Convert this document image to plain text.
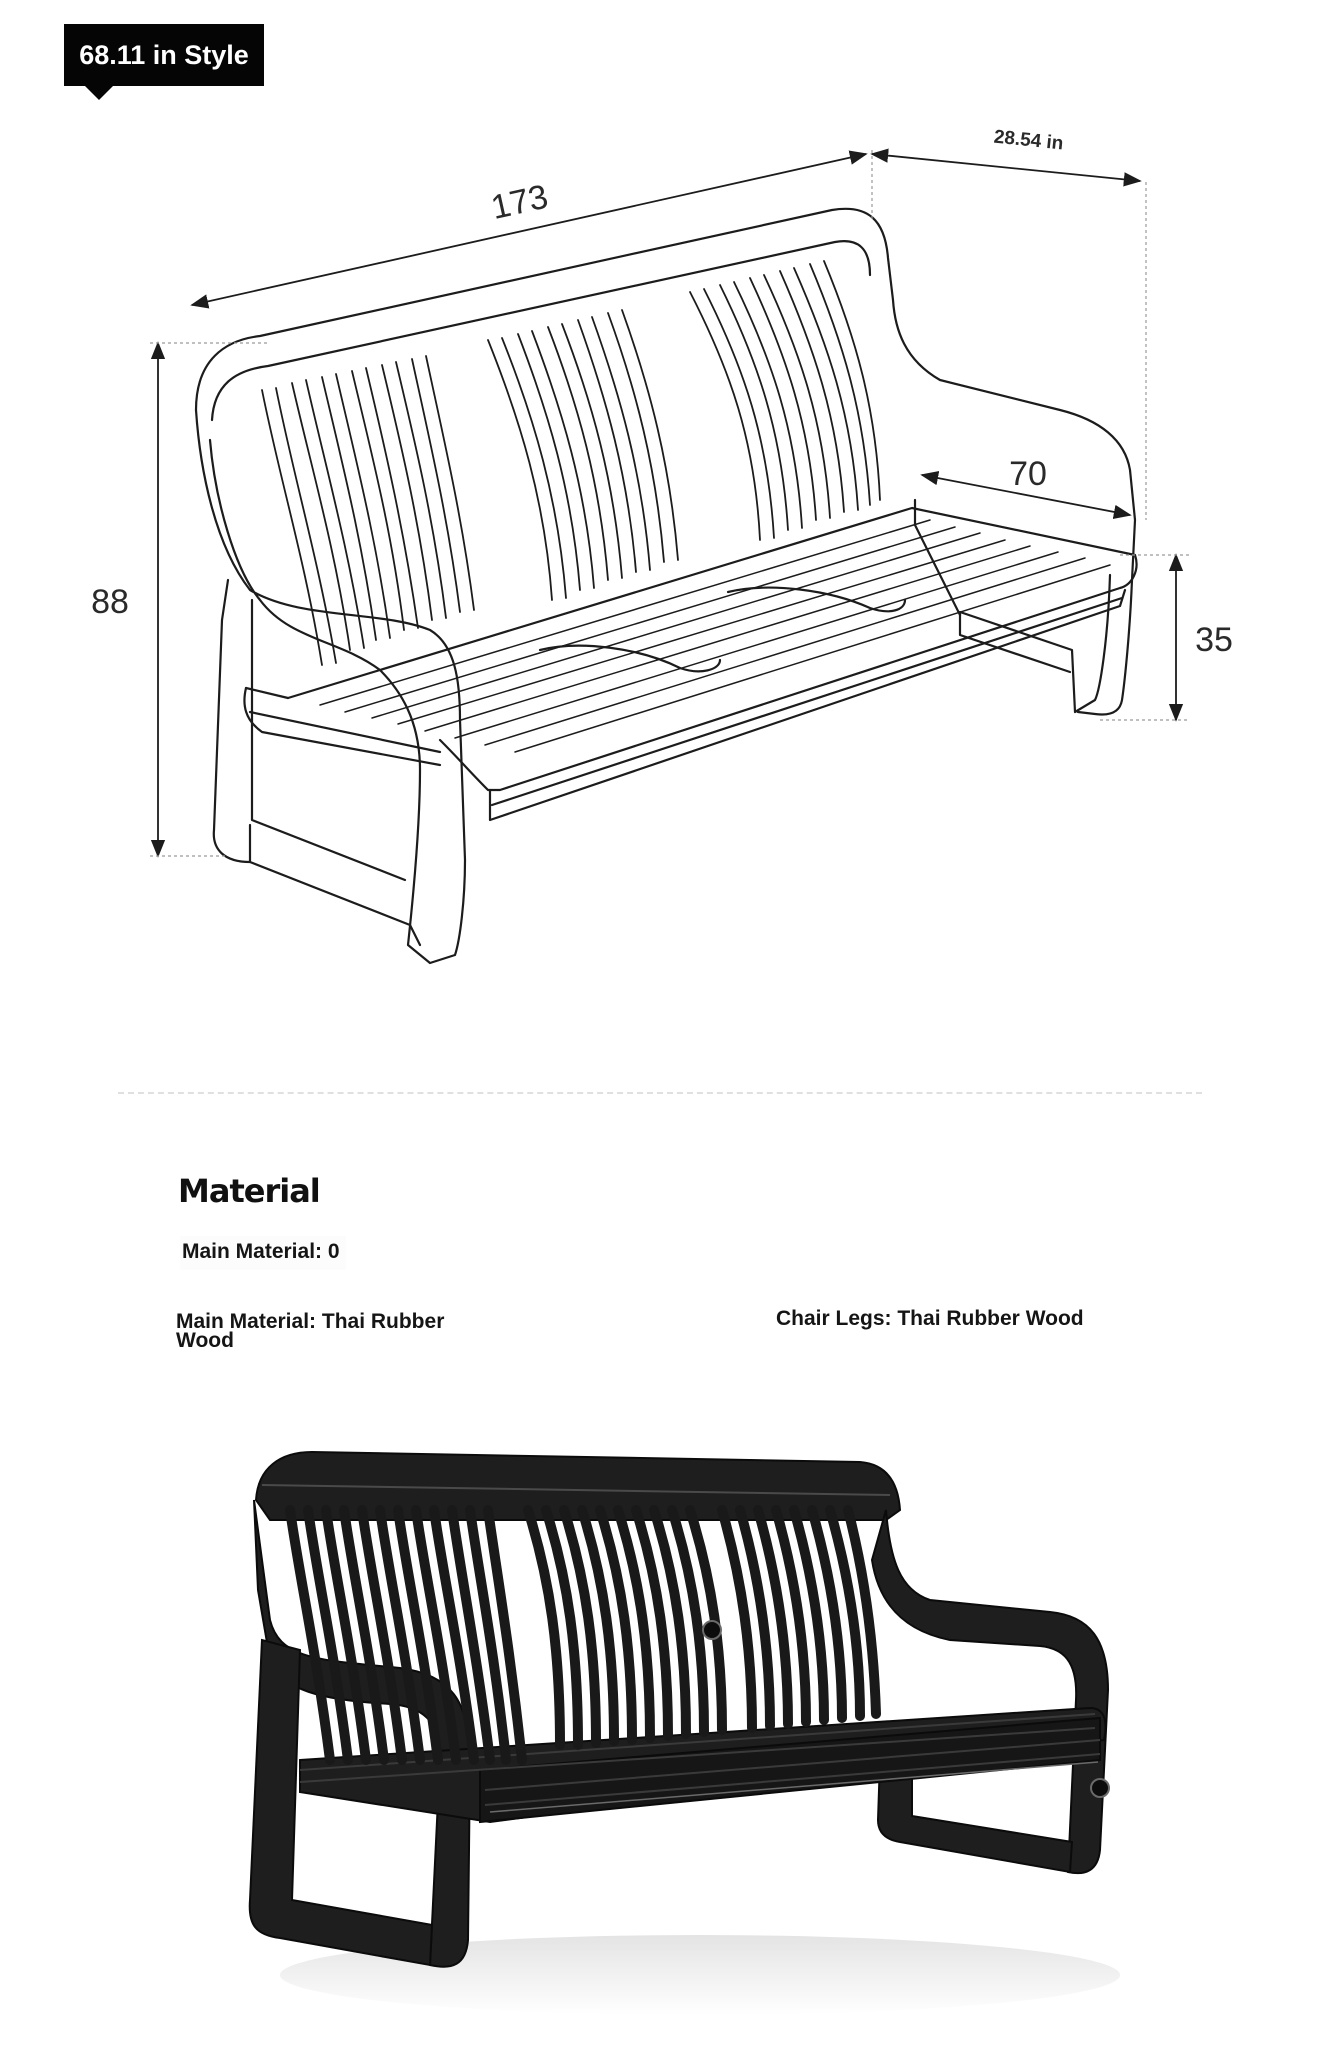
68.11 in Style
173
28.54 in
88
70
35
Material
Main Material: 0
Main Material: Thai Rubber Wood
Chair Legs: Thai Rubber Wood
